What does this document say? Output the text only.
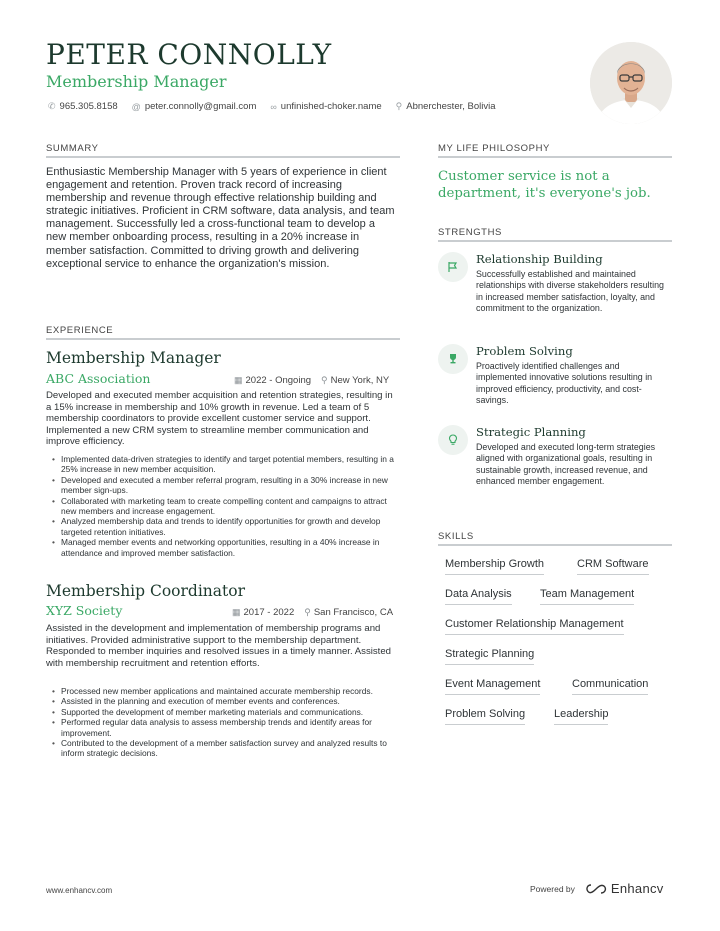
PETER CONNOLLY
Membership Manager
✆ 965.305.8158 @ peter.connolly@gmail.com ∞ unfinished-choker.name ⚲ Abnerchester, Bolivia
SUMMARY
Enthusiastic Membership Manager with 5 years of experience in client engagement and retention. Proven track record of increasing membership and revenue through effective relationship building and strategic initiatives. Proficient in CRM software, data analysis, and team management. Successfully led a cross-functional team to develop a new member onboarding process, resulting in a 20% increase in member satisfaction. Committed to driving growth and delivering exceptional service to enhance the organization's mission.
EXPERIENCE
Membership Manager
ABC Association	▦ 2022 - Ongoing ⚲ New York, NY
Developed and executed member acquisition and retention strategies, resulting in a 15% increase in membership and 10% growth in revenue. Led a team of 5 membership coordinators to provide excellent customer service and support. Implemented a new CRM system to streamline member communication and improve efficiency.
• Implemented data-driven strategies to identify and target potential members, resulting in a 25% increase in new member acquisition.
• Developed and executed a member referral program, resulting in a 30% increase in new member sign-ups.
• Collaborated with marketing team to create compelling content and campaigns to attract new members and increase engagement.
• Analyzed membership data and trends to identify opportunities for growth and develop targeted retention initiatives.
• Managed member events and networking opportunities, resulting in a 40% increase in attendance and improved member satisfaction.
Membership Coordinator
XYZ Society	▦ 2017 - 2022 ⚲ San Francisco, CA
Assisted in the development and implementation of membership programs and initiatives. Provided administrative support to the membership department. Responded to member inquiries and resolved issues in a timely manner. Assisted with membership recruitment and retention efforts.
• Processed new member applications and maintained accurate membership records.
• Assisted in the planning and execution of member events and conferences.
• Supported the development of member marketing materials and communications.
• Performed regular data analysis to assess membership trends and identify areas for improvement.
• Contributed to the development of a member satisfaction survey and analyzed results to inform strategic decisions.
MY LIFE PHILOSOPHY
Customer service is not a department, it's everyone's job.
STRENGTHS
Relationship Building
Successfully established and maintained relationships with diverse stakeholders resulting in increased member satisfaction, loyalty, and commitment to the organization.
Problem Solving
Proactively identified challenges and implemented innovative solutions resulting in improved efficiency, productivity, and cost-savings.
Strategic Planning
Developed and executed long-term strategies aligned with organizational goals, resulting in sustainable growth, increased revenue, and enhanced member engagement.
SKILLS
Membership Growth	CRM Software
Data Analysis	Team Management
Customer Relationship Management
Strategic Planning
Event Management	Communication
Problem Solving	Leadership
www.enhancv.com	Powered by	Enhancv
